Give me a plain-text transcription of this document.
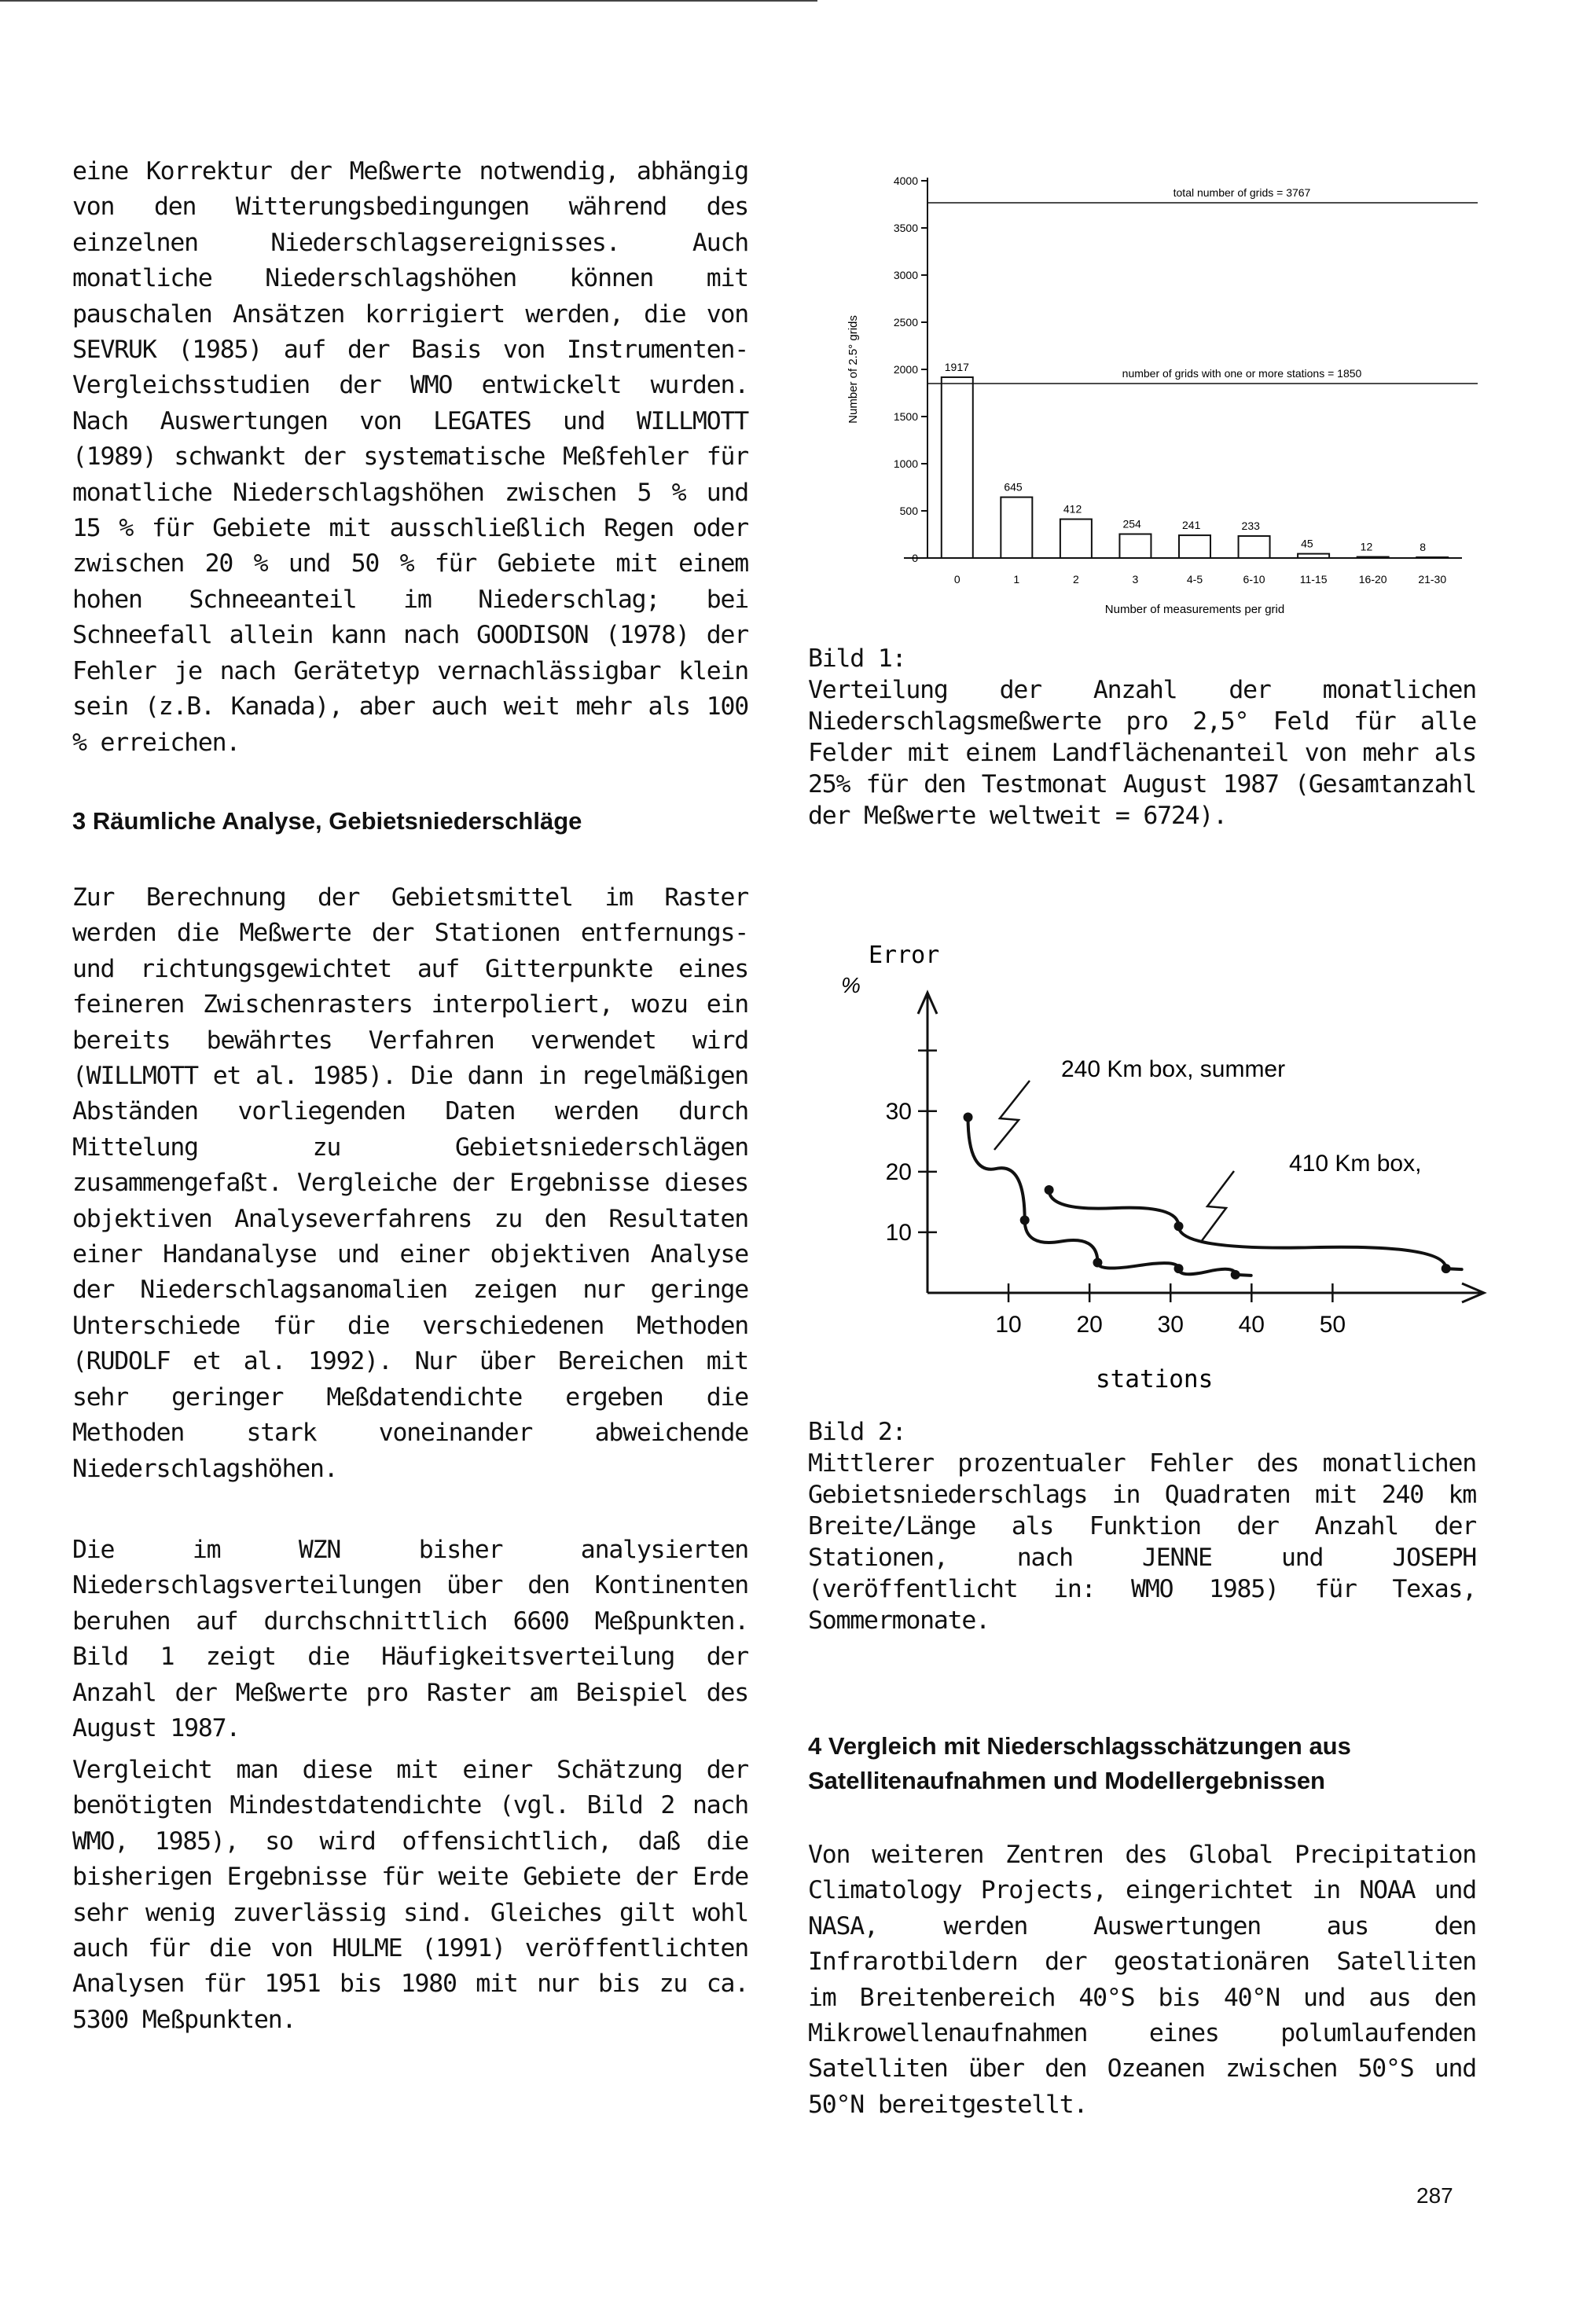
eine Korrektur der Meßwerte notwendig, abhängig von den Witterungsbedingungen während des einzelnen Niederschlagsereignisses. Auch monatliche Niederschlagshöhen können mit pauschalen Ansätzen korrigiert werden, die von SEVRUK (1985) auf der Basis von Instrumenten-Vergleichsstudien der WMO entwickelt wurden. Nach Auswertungen von LEGATES und WILLMOTT (1989) schwankt der systematische Meßfehler für monatliche Niederschlagshöhen zwischen 5 % und 15 % für Gebiete mit ausschließlich Regen oder zwischen 20 % und 50 % für Gebiete mit einem hohen Schneeanteil im Niederschlag; bei Schneefall allein kann nach GOODISON (1978) der Fehler je nach Gerätetyp vernachlässigbar klein sein (z.B. Kanada), aber auch weit mehr als 100 % erreichen.

3 Räumliche Analyse, Gebietsniederschläge

Zur Berechnung der Gebietsmittel im Raster werden die Meßwerte der Stationen entfernungs- und richtungsgewichtet auf Gitterpunkte eines feineren Zwischenrasters interpoliert, wozu ein bereits bewährtes Verfahren verwendet wird (WILLMOTT et al. 1985). Die dann in regelmäßigen Abständen vorliegenden Daten werden durch Mittelung zu Gebietsniederschlägen zusammengefaßt. Vergleiche der Ergebnisse dieses objektiven Analyseverfahrens zu den Resultaten einer Handanalyse und einer objektiven Analyse der Niederschlagsanomalien zeigen nur geringe Unterschiede für die verschiedenen Methoden (RUDOLF et al. 1992). Nur über Bereichen mit sehr geringer Meßdatendichte ergeben die Methoden stark voneinander abweichende Niederschlagshöhen.

Die im WZN bisher analysierten Niederschlagsverteilungen über den Kontinenten beruhen auf durchschnittlich 6600 Meßpunkten. Bild 1 zeigt die Häufigkeitsverteilung der Anzahl der Meßwerte pro Raster am Beispiel des August 1987.

Vergleicht man diese mit einer Schätzung der benötigten Mindestdatendichte (vgl. Bild 2 nach WMO, 1985), so wird offensichtlich, daß die bisherigen Ergebnisse für weite Gebiete der Erde sehr wenig zuverlässig sind. Gleiches gilt wohl auch für die von HULME (1991) veröffentlichten Analysen für 1951 bis 1980 mit nur bis zu ca. 5300 Meßpunkten.

0
500
1000
1500
2000
2500
3000
3500
4000
Number of 2.5° grids	1917
0
645
1
412
2
254
3
241
4-5
233
6-10
45
11-15
12
16-20
8
21-30
total number of grids = 3767
number of grids with one or more stations = 1850
Number of measurements per grid
Bild 1:

Verteilung der Anzahl der monatlichen Niederschlagsmeßwerte pro 2,5° Feld für alle Felder mit einem Landflächenanteil von mehr als 25% für den Testmonat August 1987 (Gesamtanzahl der Meßwerte weltweit = 6724).

Error
%
10
20
30
10 20 30 40 50
stations
240 Km box, summer
410 Km box,
Bild 2:

Mittlerer prozentualer Fehler des monatlichen Gebietsniederschlags in Quadraten mit 240 km Breite/Länge als Funktion der Anzahl der Stationen, nach JENNE und JOSEPH (veröffentlicht in: WMO 1985) für Texas, Sommermonate.

4 Vergleich mit Niederschlagsschätzungen aus Satellitenaufnahmen und Modellergebnissen

Von weiteren Zentren des Global Precipitation Climatology Projects, eingerichtet in NOAA und NASA, werden Auswertungen aus den Infrarotbildern der geostationären Satelliten im Breitenbereich 40°S bis 40°N und aus den Mikrowellenaufnahmen eines polumlaufenden Satelliten über den Ozeanen zwischen 50°S und 50°N bereitgestellt.

287
